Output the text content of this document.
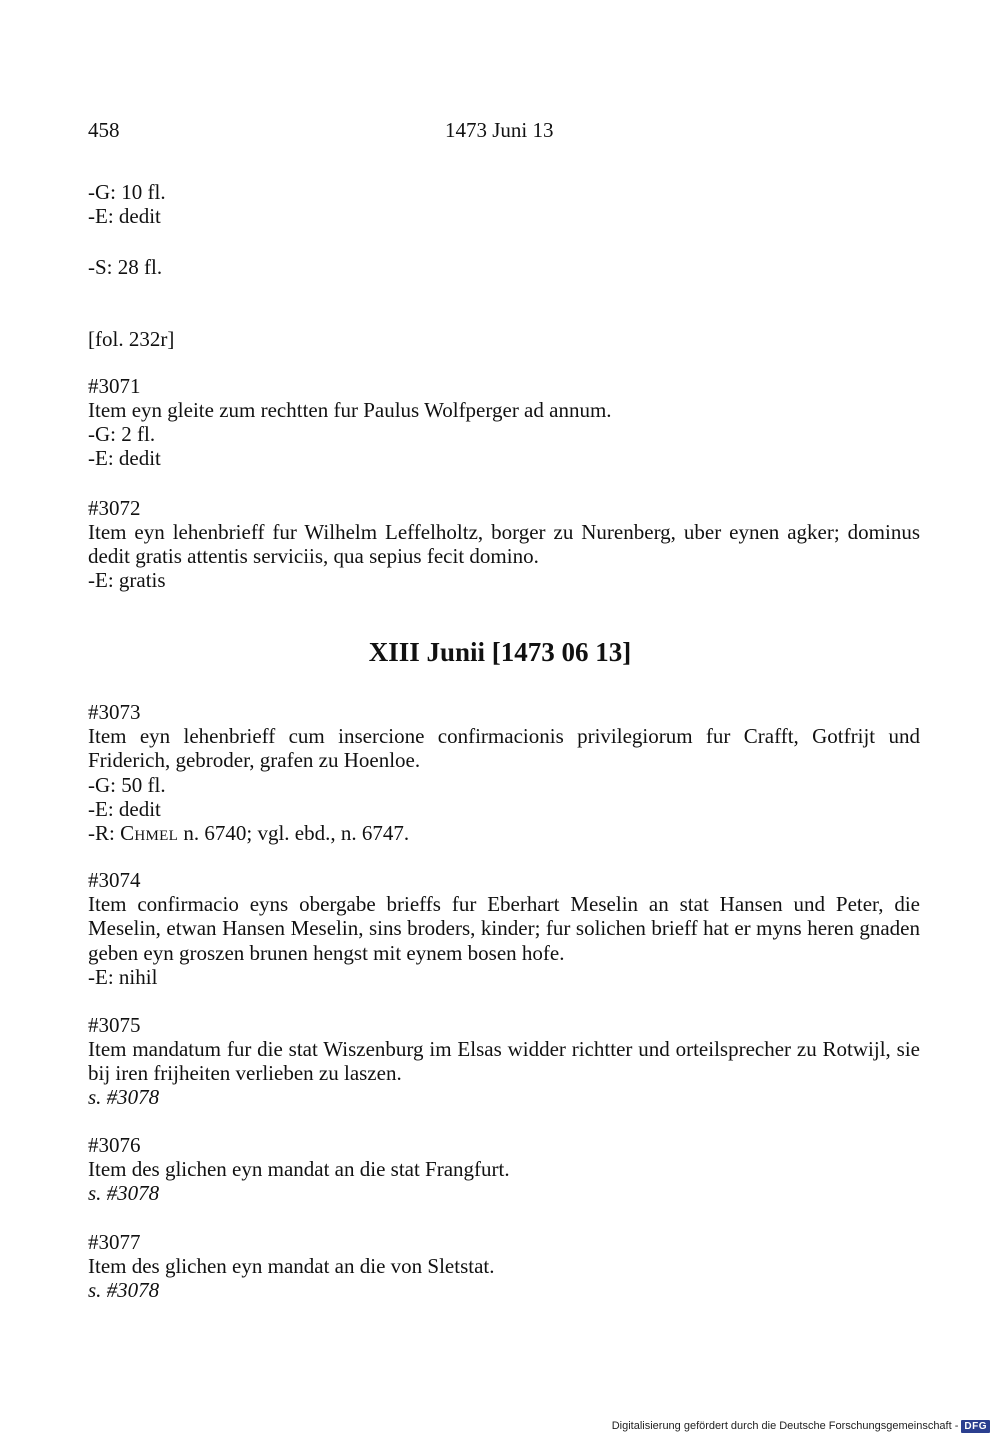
458	1473 Juni 13
-G: 10 fl.
-E: dedit
-S: 28 fl.
[fol. 232r]
#3071
Item eyn gleite zum rechtten fur Paulus Wolfperger ad annum.
-G: 2 fl.
-E: dedit
#3072
Item eyn lehenbrieff fur Wilhelm Leffelholtz, borger zu Nurenberg, uber eynen agker; dominus dedit gratis attentis serviciis, qua sepius fecit domino.
-E: gratis
XIII Junii [1473 06 13]
#3073
Item eyn lehenbrieff cum insercione confirmacionis privilegiorum fur Crafft, Gotfrijt und Friderich, gebroder, grafen zu Hoenloe.
-G: 50 fl.
-E: dedit
-R: Chmel n. 6740; vgl. ebd., n. 6747.
#3074
Item confirmacio eyns obergabe brieffs fur Eberhart Meselin an stat Hansen und Peter, die Meselin, etwan Hansen Meselin, sins broders, kinder; fur solichen brieff hat er myns heren gnaden geben eyn groszen brunen hengst mit eynem bosen hofe.
-E: nihil
#3075
Item mandatum fur die stat Wiszenburg im Elsas widder richtter und orteilsprecher zu Rotwijl, sie bij iren frijheiten verlieben zu laszen.
s. #3078
#3076
Item des glichen eyn mandat an die stat Frangfurt.
s. #3078
#3077
Item des glichen eyn mandat an die von Sletstat.
s. #3078
Digitalisierung gefördert durch die Deutsche Forschungsgemeinschaft - DFG
